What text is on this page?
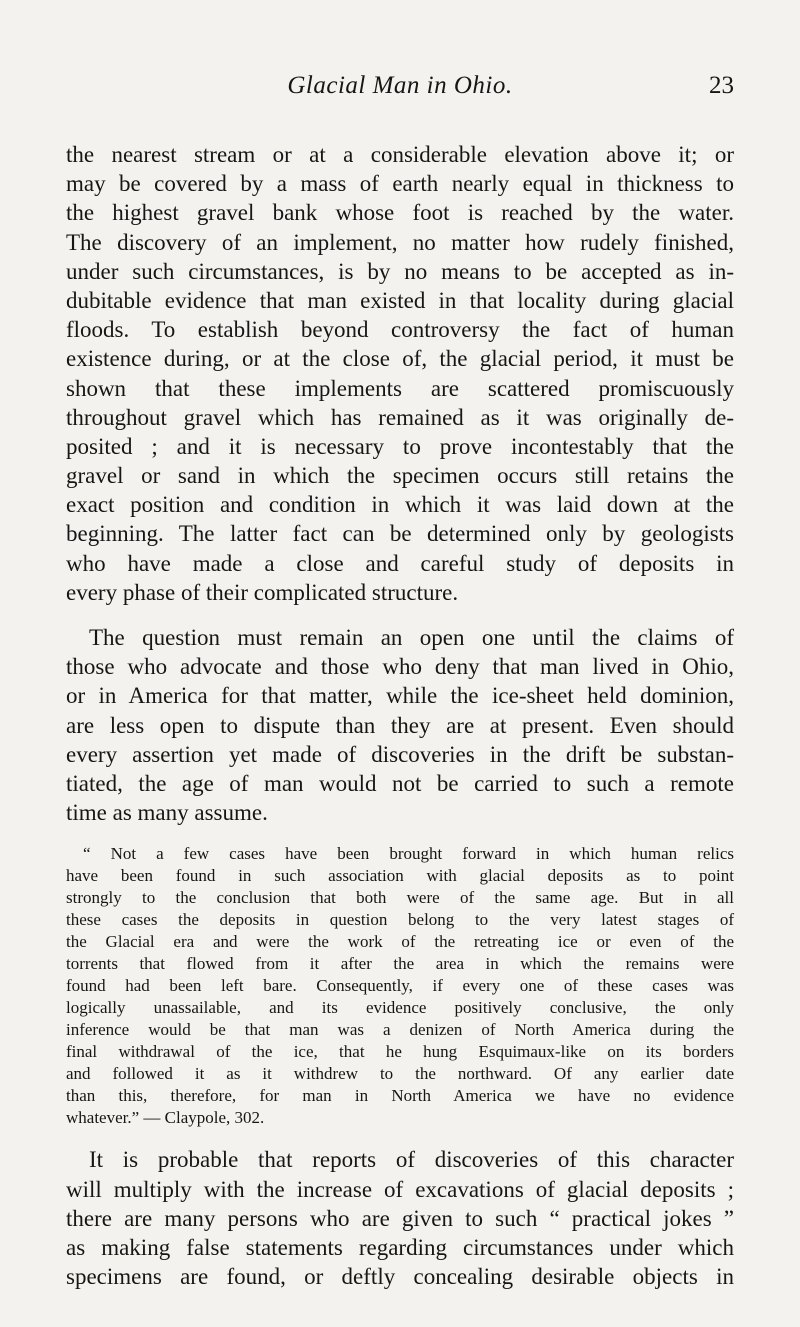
Glacial Man in Ohio.	23

the nearest stream or at a considerable elevation above it; or
may be covered by a mass of earth nearly equal in thickness to
the highest gravel bank whose foot is reached by the water.
The discovery of an implement, no matter how rudely finished,
under such circumstances, is by no means to be accepted as in-
dubitable evidence that man existed in that locality during glacial
floods. To establish beyond controversy the fact of human
existence during, or at the close of, the glacial period, it must be
shown that these implements are scattered promiscuously
throughout gravel which has remained as it was originally de-
posited ; and it is necessary to prove incontestably that the
gravel or sand in which the specimen occurs still retains the
exact position and condition in which it was laid down at the
beginning. The latter fact can be determined only by geologists
who have made a close and careful study of deposits in
every phase of their complicated structure.

The question must remain an open one until the claims of
those who advocate and those who deny that man lived in Ohio,
or in America for that matter, while the ice-sheet held dominion,
are less open to dispute than they are at present. Even should
every assertion yet made of discoveries in the drift be substan-
tiated, the age of man would not be carried to such a remote
time as many assume.

“ Not a few cases have been brought forward in which human relics
have been found in such association with glacial deposits as to point
strongly to the conclusion that both were of the same age. But in all
these cases the deposits in question belong to the very latest stages of
the Glacial era and were the work of the retreating ice or even of the
torrents that flowed from it after the area in which the remains were
found had been left bare. Consequently, if every one of these cases was
logically unassailable, and its evidence positively conclusive, the only
inference would be that man was a denizen of North America during the
final withdrawal of the ice, that he hung Esquimaux-like on its borders
and followed it as it withdrew to the northward. Of any earlier date
than this, therefore, for man in North America we have no evidence
whatever.” — Claypole, 302.

It is probable that reports of discoveries of this character
will multiply with the increase of excavations of glacial deposits ;
there are many persons who are given to such “ practical jokes ”
as making false statements regarding circumstances under which
specimens are found, or deftly concealing desirable objects in
